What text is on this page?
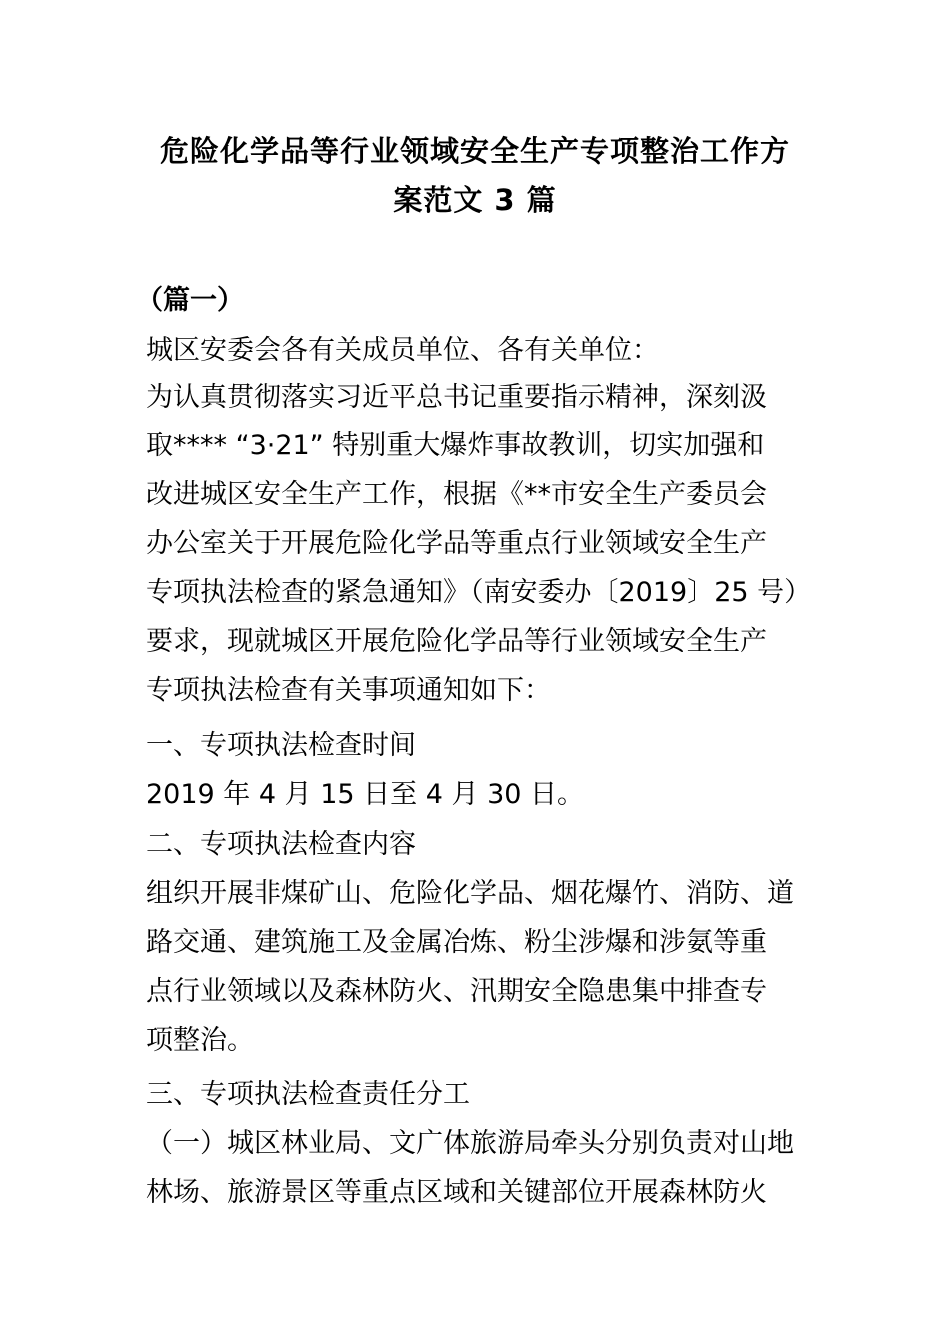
危险化学品等行业领域安全生产专项整治工作方
案范文 3 篇
（篇一）
城区安委会各有关成员单位、各有关单位：
为认真贯彻落实习近平总书记重要指示精神，深刻汲
取**** “3·21” 特别重大爆炸事故教训，切实加强和
改进城区安全生产工作，根据《**市安全生产委员会
办公室关于开展危险化学品等重点行业领域安全生产
专项执法检查的紧急通知》（南安委办〔2019〕25 号）
要求，现就城区开展危险化学品等行业领域安全生产
专项执法检查有关事项通知如下：
一、专项执法检查时间
2019 年 4 月 15 日至 4 月 30 日。
二、专项执法检查内容
组织开展非煤矿山、危险化学品、烟花爆竹、消防、道
路交通、建筑施工及金属冶炼、粉尘涉爆和涉氨等重
点行业领域以及森林防火、汛期安全隐患集中排查专
项整治。
三、专项执法检查责任分工
（一）城区林业局、文广体旅游局牵头分别负责对山地
林场、旅游景区等重点区域和关键部位开展森林防火
